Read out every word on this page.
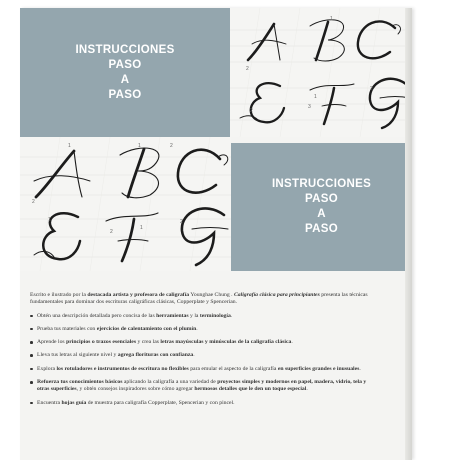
INSTRUCCIONES
PASO
A
PASO
2
1
2
1
3
2
1
2
1	2
1
2
1
2
INSTRUCCIONES
PASO
A
PASO

Escrito e ilustrado por la destacada artista y profesora de caligrafía Younghae Chung . Caligrafía clásica para principiantes presenta las técnicas fundamentales para dominar dos escrituras caligráficas clásicas, Copperplate y Spencerian.

Obtén una descripción detallada pero concisa de las herramientas y la terminología.
Prueba tus materiales con ejercicios de calentamiento con el plumín.
Aprende los principios o trazos esenciales y crea las letras mayúsculas y minúsculas de la caligrafía clásica.
Lleva tus letras al siguiente nivel y agrega florituras con confianza.
Explora los rotuladores e instrumentos de escritura no flexibles para emular el aspecto de la caligrafía en superficies grandes e inusuales.
Refuerza tus conocimientos básicos aplicando la caligrafía a una variedad de proyectos simples y modernos en papel, madera, vidrio, tela y otras superficies, y obtén consejos inspiradores sobre cómo agregar hermosos detalles que le den un toque especial.
Encuentra hojas guía de muestra para caligrafía Copperplate, Spencerian y con pincel.
